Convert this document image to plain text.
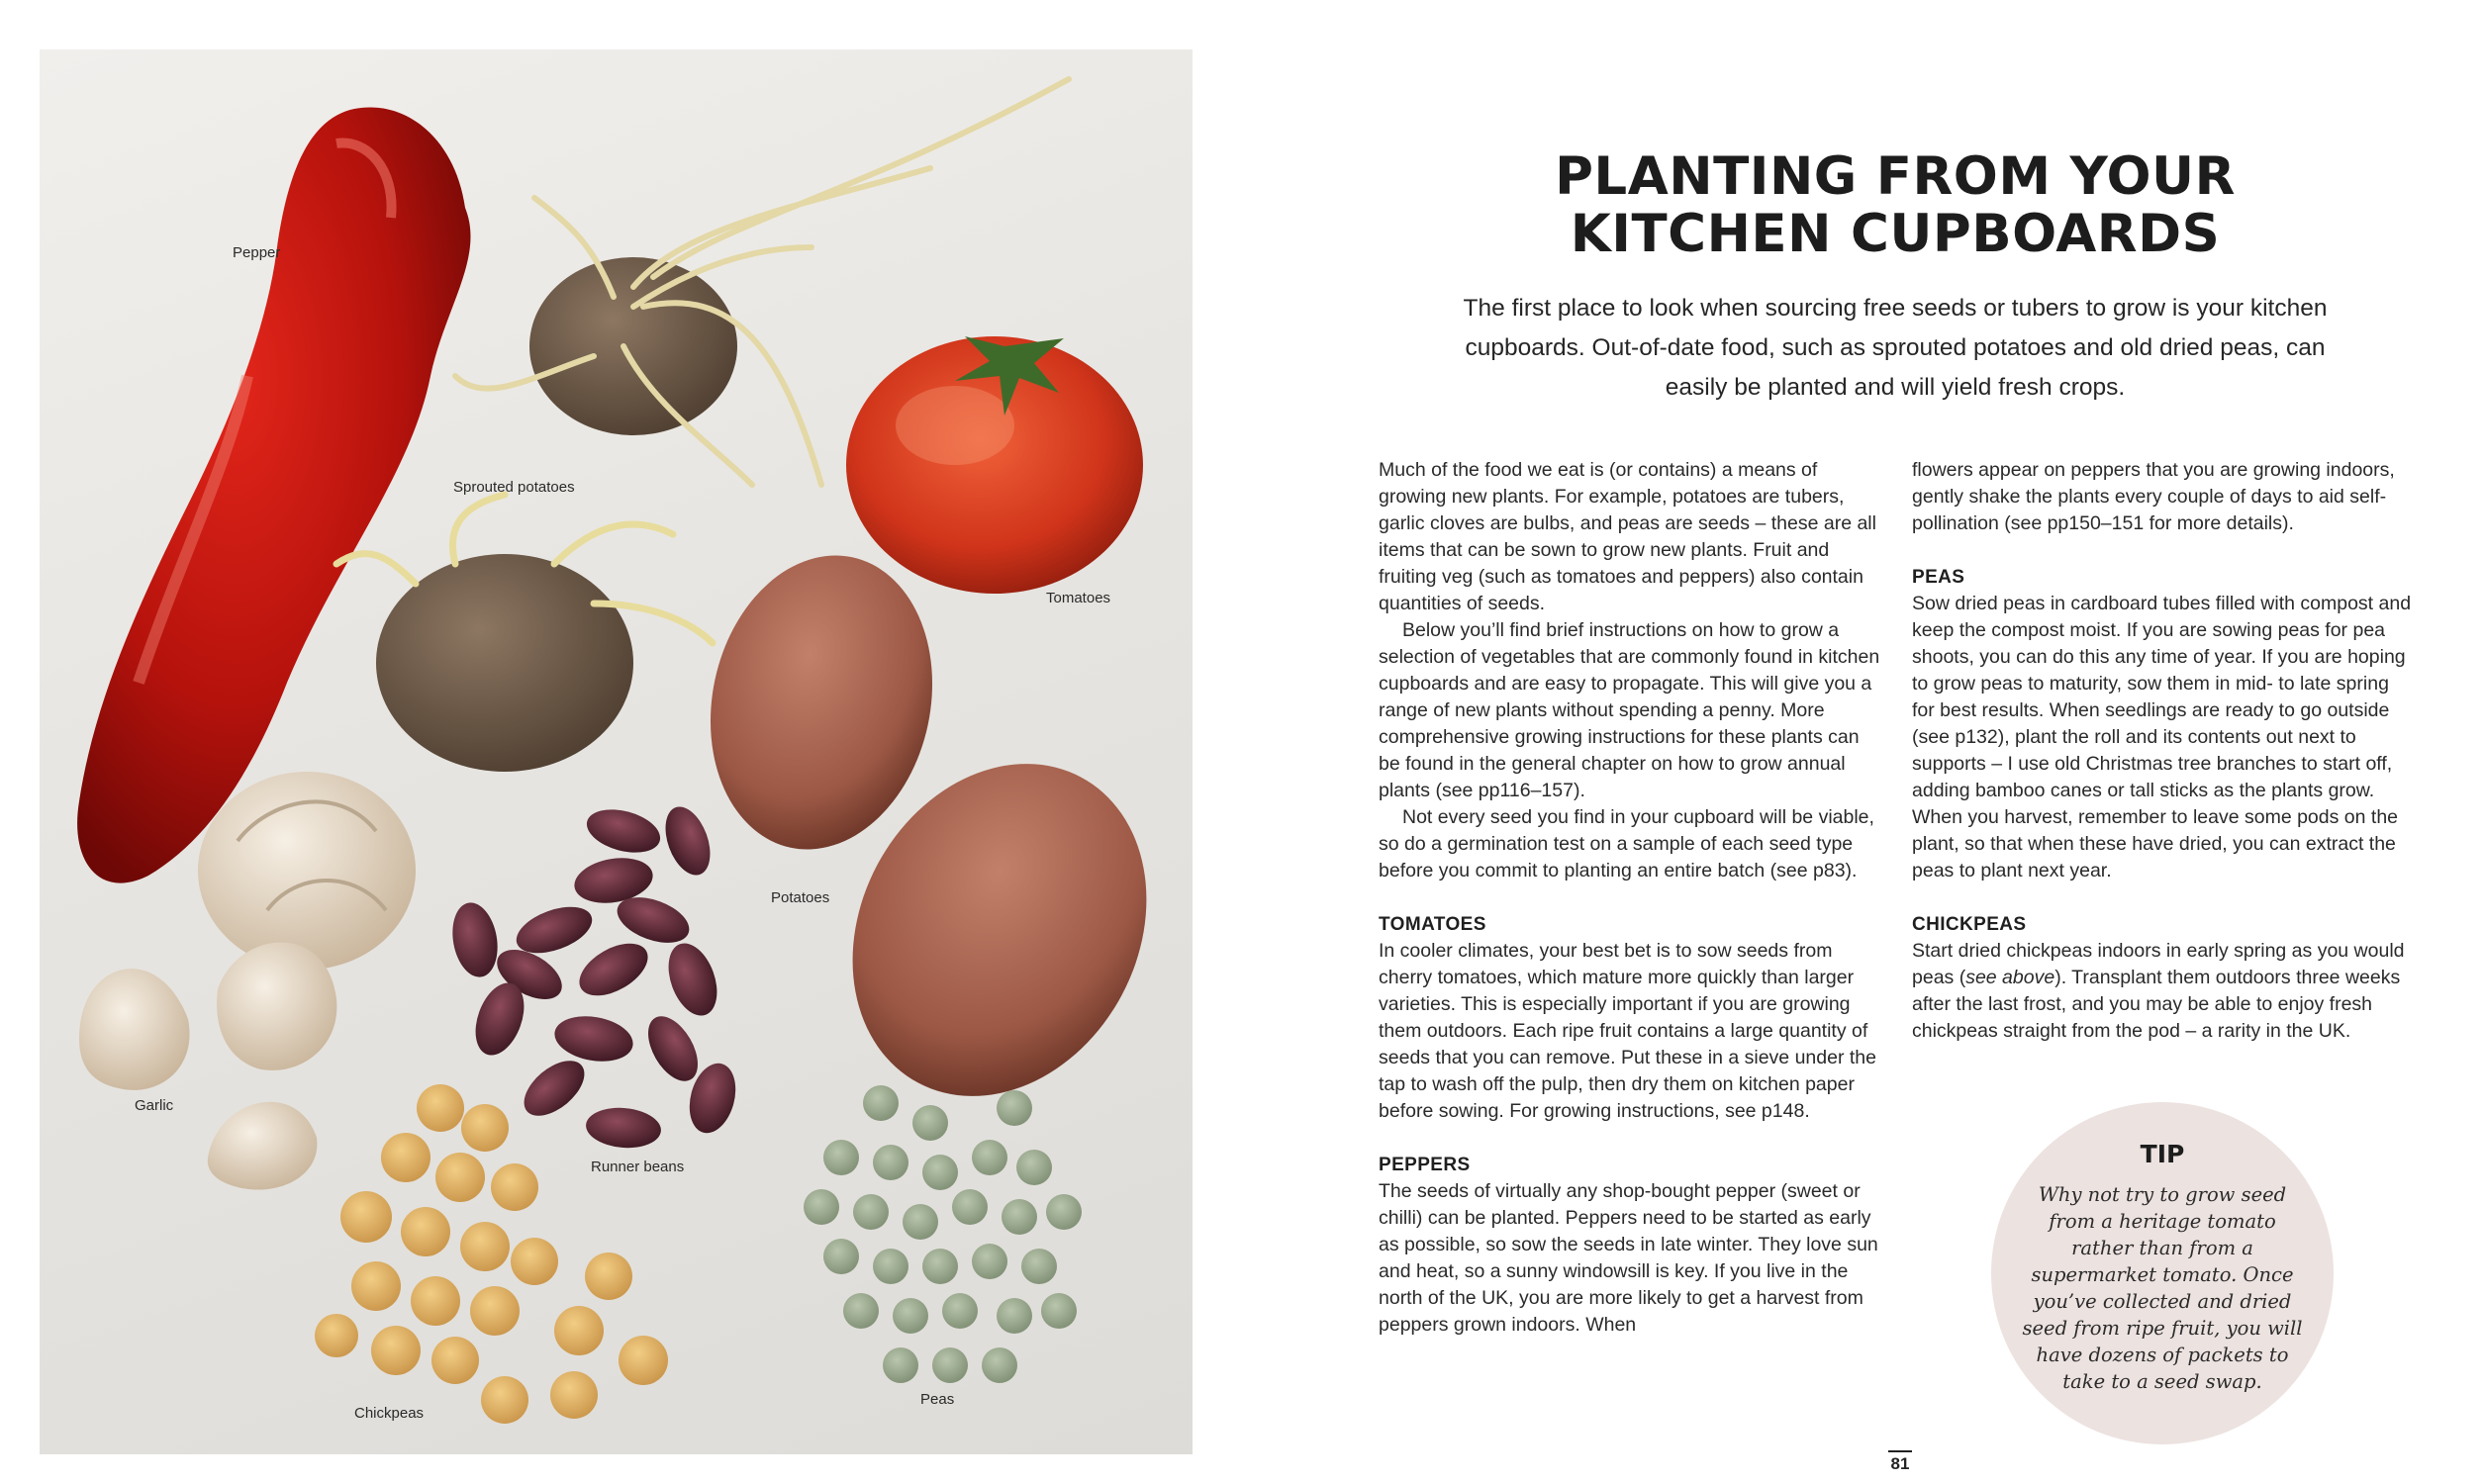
Pepper
Sprouted potatoes
Tomatoes
Potatoes
Garlic
Runner beans
Chickpeas
Peas
PLANTING FROM YOUR
KITCHEN CUPBOARDS
The first place to look when sourcing free seeds or tubers to grow is your kitchen cupboards. Out-of-date food, such as sprouted potatoes and old dried peas, can easily be planted and will yield fresh crops.

Much of the food we eat is (or contains) a means of growing new plants. For example, potatoes are tubers, garlic cloves are bulbs, and peas are seeds – these are all items that can be sown to grow new plants. Fruit and fruiting veg (such as tomatoes and peppers) also contain quantities of seeds.

Below you’ll find brief instructions on how to grow a selection of vegetables that are commonly found in kitchen cupboards and are easy to propagate. This will give you a range of new plants without spending a penny. More comprehensive growing instructions for these plants can be found in the general chapter on how to grow annual plants (see pp116–157).

Not every seed you find in your cupboard will be viable, so do a germination test on a sample of each seed type before you commit to planting an entire batch (see p83).

TOMATOES

In cooler climates, your best bet is to sow seeds from cherry tomatoes, which mature more quickly than larger varieties. This is especially important if you are growing them outdoors. Each ripe fruit contains a large quantity of seeds that you can remove. Put these in a sieve under the tap to wash off the pulp, then dry them on kitchen paper before sowing. For growing instructions, see p148.

PEPPERS

The seeds of virtually any shop-bought pepper (sweet or chilli) can be planted. Peppers need to be started as early as possible, so sow the seeds in late winter. They love sun and heat, so a sunny windowsill is key. If you live in the north of the UK, you are more likely to get a harvest from peppers grown indoors. When

flowers appear on peppers that you are growing indoors, gently shake the plants every couple of days to aid self-pollination (see pp150–151 for more details).

PEAS

Sow dried peas in cardboard tubes filled with compost and keep the compost moist. If you are sowing peas for pea shoots, you can do this any time of year. If you are hoping to grow peas to maturity, sow them in mid- to late spring for best results. When seedlings are ready to go outside (see p132), plant the roll and its contents out next to supports – I use old Christmas tree branches to start off, adding bamboo canes or tall sticks as the plants grow. When you harvest, remember to leave some pods on the plant, so that when these have dried, you can extract the peas to plant next year.

CHICKPEAS

Start dried chickpeas indoors in early spring as you would peas (see above). Transplant them outdoors three weeks after the last frost, and you may be able to enjoy fresh chickpeas straight from the pod – a rarity in the UK.

TIP
Why not try to grow seed from a heritage tomato rather than from a supermarket tomato. Once you’ve collected and dried seed from ripe fruit, you will have dozens of packets to take to a seed swap.
81
